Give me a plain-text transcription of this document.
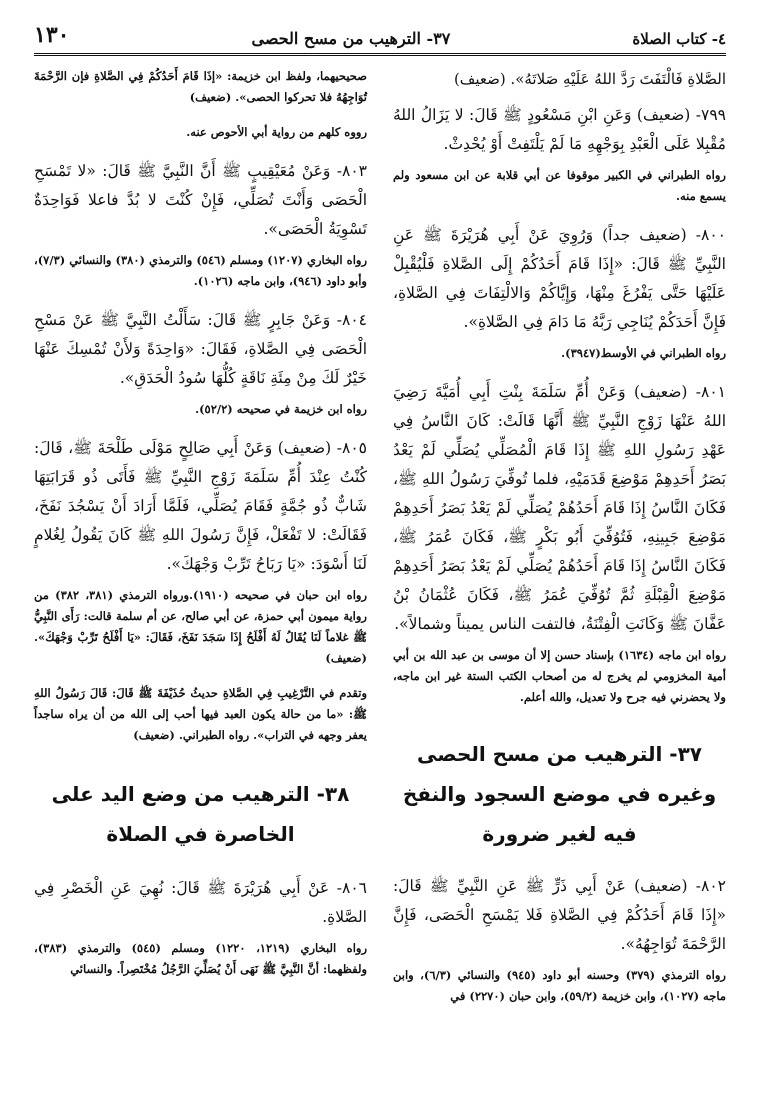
٤- كتاب الصلاة
٣٧- الترهيب من مسح الحصى
١٣٠

الصَّلاةِ فَالْتَفَتَ رَدَّ اللهُ عَلَيْهِ صَلاتَهُ». (ضعيف)

٧٩٩- (ضعيف) وَعَنِ ابْنِ مَسْعُودٍ ﷺ قَالَ: لا يَزَالُ اللهُ مُقْبِلا عَلَى الْعَبْدِ بِوَجْهِهِ مَا لَمْ يَلْتَفِتْ أَوْ يُحْدِثْ.

رواه الطبراني في الكبير موقوفا عن أبي قلابة عن ابن مسعود ولم يسمع منه.

٨٠٠- (ضعيف جداً) وَرُوِيَ عَنْ أَبِي هُرَيْرَةَ ﷺ عَنِ النَّبِيِّ ﷺ قَالَ: «إِذَا قَامَ أَحَدُكُمْ إِلَى الصَّلاةِ فَلْيُقْبِلْ عَلَيْهَا حَتَّى يَفْرُغَ مِنْهَا، وَإِيَّاكُمْ وَالالْتِفَاتَ فِي الصَّلاةِ، فَإِنَّ أَحَدَكُمْ يُنَاجِي رَبَّهُ مَا دَامَ فِي الصَّلاةِ».

رواه الطبراني في الأوسط(٣٩٤٧).

٨٠١- (ضعيف) وَعَنْ أُمِّ سَلَمَةَ بِنْتِ أَبِي أُمَيَّةَ رَضِيَ اللهُ عَنْهَا زَوْجِ النَّبِيِّ ﷺ أَنَّهَا قَالَتْ: كَانَ النَّاسُ فِي عَهْدِ رَسُولِ اللهِ ﷺ إِذَا قَامَ الْمُصَلِّي يُصَلِّي لَمْ يَعْدُ بَصَرُ أَحَدِهِمْ مَوْضِعَ قَدَمَيْهِ، فلما تُوفِّيَ رَسُولُ اللهِ ﷺ، فَكَانَ النَّاسُ إِذَا قَامَ أَحَدُهُمْ يُصَلِّي لَمْ يَعْدُ بَصَرُ أَحَدِهِمْ مَوْضِعَ جَبِينِهِ، فَتُوُفِّيَ أَبُو بَكْرٍ ﷺ، فَكَانَ عُمَرُ ﷺ، فَكَانَ النَّاسُ إِذَا قَامَ أَحَدُهُمْ يُصَلِّي لَمْ يَعْدُ بَصَرُ أَحَدِهِمْ مَوْضِعَ الْقِبْلَةِ ثُمَّ تُوُفِّيَ عُمَرُ ﷺ، فَكَانَ عُثْمَانُ بْنُ عَفَّانَ ﷺ وَكَانَتِ الْفِتْنَةُ، فالتفت الناس يميناً وشمالاً».

رواه ابن ماجه (١٦٣٤) بإسناد حسن إلا أن موسى بن عبد الله بن أبي أمية المخزومي لم يخرج له من أصحاب الكتب الستة غير ابن ماجه، ولا يحضرني فيه جرح ولا تعديل، والله أعلم.

٣٧- الترهيب من مسح الحصى
وغيره في موضع السجود والنفخ فيه لغير ضرورة

٨٠٢- (ضعيف) عَنْ أَبِي ذَرٍّ ﷺ عَنِ النَّبِيِّ ﷺ قَالَ: «إِذَا قَامَ أَحَدُكُمْ فِي الصَّلاةِ فَلا يَمْسَحِ الْحَصَى، فَإِنَّ الرَّحْمَةَ تُوَاجِهُهُ».

رواه الترمذي (٣٧٩) وحسنه أبو داود (٩٤٥) والنسائي (٦/٣)، وابن ماجه (١٠٢٧)، وابن خزيمة (٥٩/٢)، وابن حبان (٢٢٧٠) في

صحيحيهما، ولفظ ابن خزيمة: «إذَا قَامَ أَحَدُكُمْ فِي الصَّلاةِ فإن الرَّحْمَةَ تُوَاجِهُهُ فلا تحركوا الحصى». (ضعيف)

رووه كلهم من رواية أبي الأحوص عنه.

٨٠٣- وَعَنْ مُعَيْقِيبٍ ﷺ أَنَّ النَّبِيَّ ﷺ قَالَ: «لا تَمْسَحِ الْحَصَى وَأَنْتَ تُصَلِّي، فَإِنْ كُنْتَ لا بُدَّ فاعلا فَوَاحِدَةٌ تَسْوِيَةُ الْحَصَى».

رواه البخاري (١٢٠٧) ومسلم (٥٤٦) والترمذي (٣٨٠) والنسائي (٧/٣)، وأبو داود (٩٤٦)، وابن ماجه (١٠٢٦).

٨٠٤- وَعَنْ جَابِرٍ ﷺ قَالَ: سَأَلْتُ النَّبِيَّ ﷺ عَنْ مَسْحِ الْحَصَى فِي الصَّلاةِ، فَقَالَ: «وَاحِدَةً وَلأَنْ تُمْسِكَ عَنْهَا خَيْرٌ لَكَ مِنْ مِئَةِ نَاقَةٍ كُلُّهَا سُودُ الْحَدَقِ».

رواه ابن خزيمة في صحيحه (٥٢/٢).

٨٠٥- (ضعيف) وَعَنْ أَبِي صَالِحٍ مَوْلَى طَلْحَةَ ﷺ، قَالَ: كُنْتُ عِنْدَ أُمِّ سَلَمَةَ زَوْجِ النَّبِيِّ ﷺ فَأَتَى ذُو قَرَابَتِهَا شَابٌّ ذُو جُمَّةٍ فَقَامَ يُصَلِّي، فَلَمَّا أَرَادَ أَنْ يَسْجُدَ نَفَخَ، فَقَالَتْ: لا تَفْعَلْ، فَإِنَّ رَسُولَ اللهِ ﷺ كَانَ يَقُولُ لِغُلامٍ لَنَا أَسْوَدَ: «يَا رَبَاحُ تَرِّبْ وَجْهَكَ».

رواه ابن حبان في صحيحه (١٩١٠).ورواه الترمذي (٣٨١، ٣٨٢) من رواية ميمون أبي حمزة، عن أبي صالح، عن أم سلمة قالت: رَأَى النَّبِيُّ ﷺ غلاماً لَنَا يُقَالُ لَهُ أَفْلَحُ إِذَا سَجَدَ نَفَخَ، فَقَالَ: «يَا أَفْلَحُ تَرِّبْ وَجْهَكَ». (ضعيف)

وتقدم في التَّرْغِيبِ فِي الصَّلاةِ حديثُ حُذَيْفَةَ ﷺ قَالَ: قَالَ رَسُولُ اللهِ ﷺ: «ما من حالة يكون العبد فيها أحب إلى الله من أن يراه ساجداً يعفر وجهه في التراب». رواه الطبراني. (ضعيف)

٣٨- الترهيب من وضع اليد على
الخاصرة في الصلاة

٨٠٦- عَنْ أَبِي هُرَيْرَةَ ﷺ قَالَ: نُهِيَ عَنِ الْخَصْرِ فِي الصَّلاةِ.

رواه البخاري (١٢١٩، ١٢٢٠) ومسلم (٥٤٥) والترمذي (٣٨٣)، ولفظهما: أنَّ النَّبِيَّ ﷺ نَهَى أَنْ يُصَلِّيَ الرَّجُلُ مُخْتَصِراً. والنسائي
